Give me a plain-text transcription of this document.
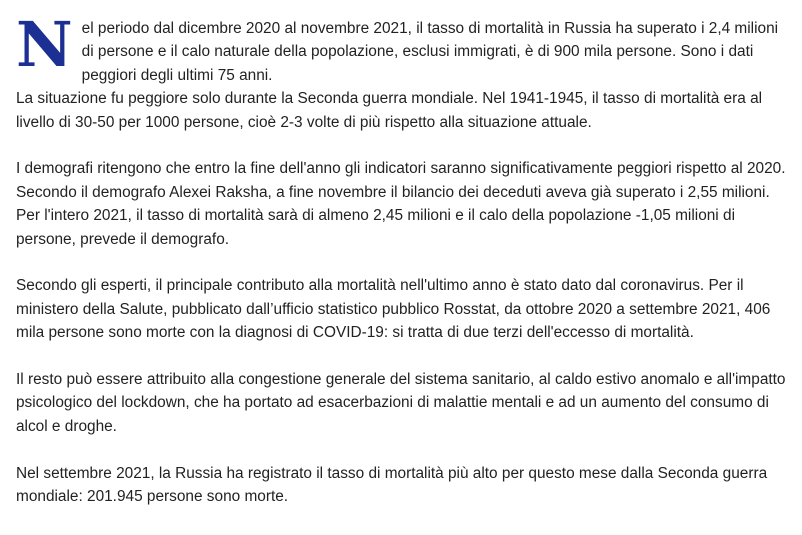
Nel periodo dal dicembre 2020 al novembre 2021, il tasso di mortalità in Russia ha superato i 2,4 milioni di persone e il calo naturale della popolazione, esclusi immigrati, è di 900 mila persone. Sono i dati peggiori degli ultimi 75 anni.

La situazione fu peggiore solo durante la Seconda guerra mondiale. Nel 1941-1945, il tasso di mortalità era al livello di 30-50 per 1000 persone, cioè 2-3 volte di più rispetto alla situazione attuale.

I demografi ritengono che entro la fine dell'anno gli indicatori saranno significativamente peggiori rispetto al 2020. Secondo il demografo Alexei Raksha, a fine novembre il bilancio dei deceduti aveva già superato i 2,55 milioni. Per l'intero 2021, il tasso di mortalità sarà di almeno 2,45 milioni e il calo della popolazione -1,05 milioni di persone, prevede il demografo.

Secondo gli esperti, il principale contributo alla mortalità nell'ultimo anno è stato dato dal coronavirus. Per il ministero della Salute, pubblicato dall’ufficio statistico pubblico Rosstat, da ottobre 2020 a settembre 2021, 406 mila persone sono morte con la diagnosi di COVID-19: si tratta di due terzi dell'eccesso di mortalità.

Il resto può essere attribuito alla congestione generale del sistema sanitario, al caldo estivo anomalo e all'impatto psicologico del lockdown, che ha portato ad esacerbazioni di malattie mentali e ad un aumento del consumo di alcol e droghe.

Nel settembre 2021, la Russia ha registrato il tasso di mortalità più alto per questo mese dalla Seconda guerra mondiale: 201.945 persone sono morte.
